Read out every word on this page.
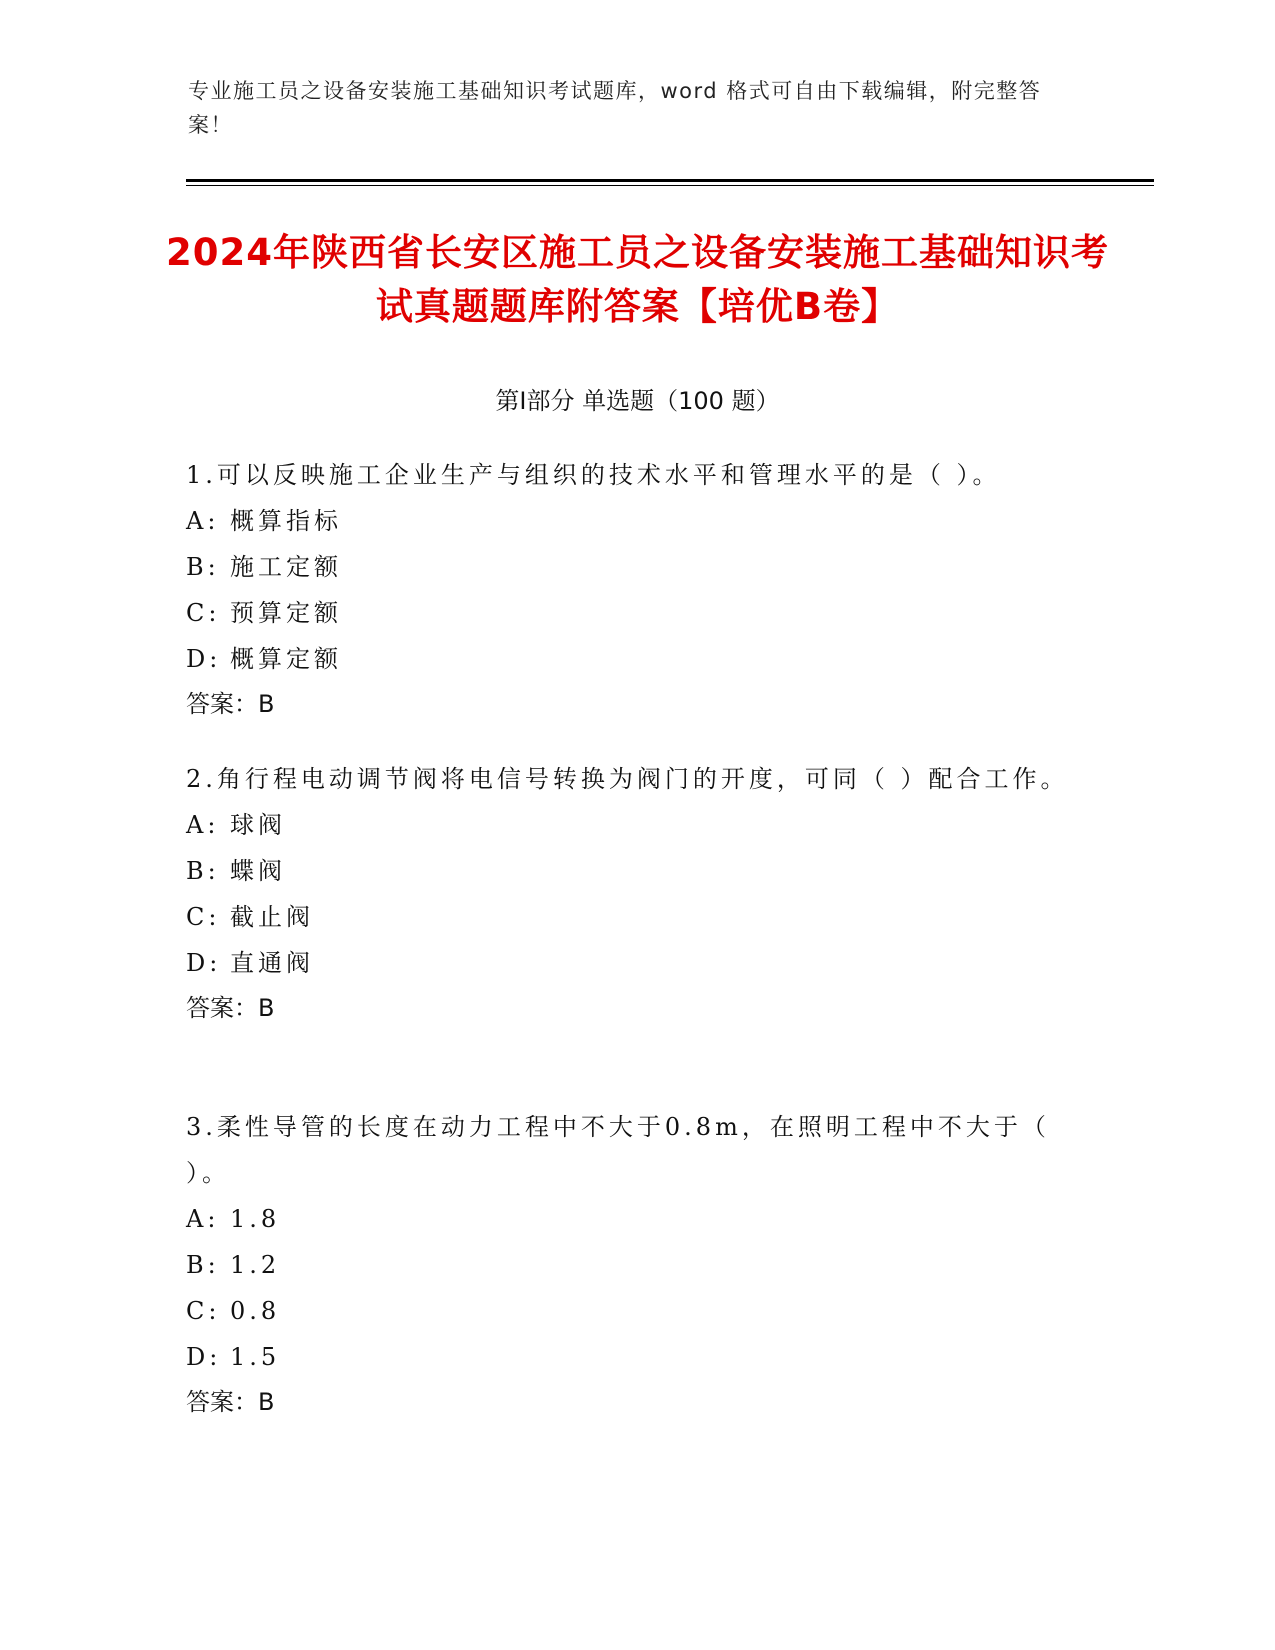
专业施工员之设备安装施工基础知识考试题库，word 格式可自由下载编辑，附完整答案！
2024年陕西省长安区施工员之设备安装施工基础知识考试真题题库附答案【培优B卷】
第Ⅰ部分 单选题（100 题）

1.可以反映施工企业生产与组织的技术水平和管理水平的是（ ）。

A: 概算指标
B: 施工定额
C: 预算定额
D: 概算定额
答案：B

2.角行程电动调节阀将电信号转换为阀门的开度，可同（ ）配合工作。

A: 球阀
B: 蝶阀
C: 截止阀
D: 直通阀
答案：B

3.柔性导管的长度在动力工程中不大于0.8m，在照明工程中不大于（ ）。

A: 1.8
B: 1.2
C: 0.8
D: 1.5
答案：B
